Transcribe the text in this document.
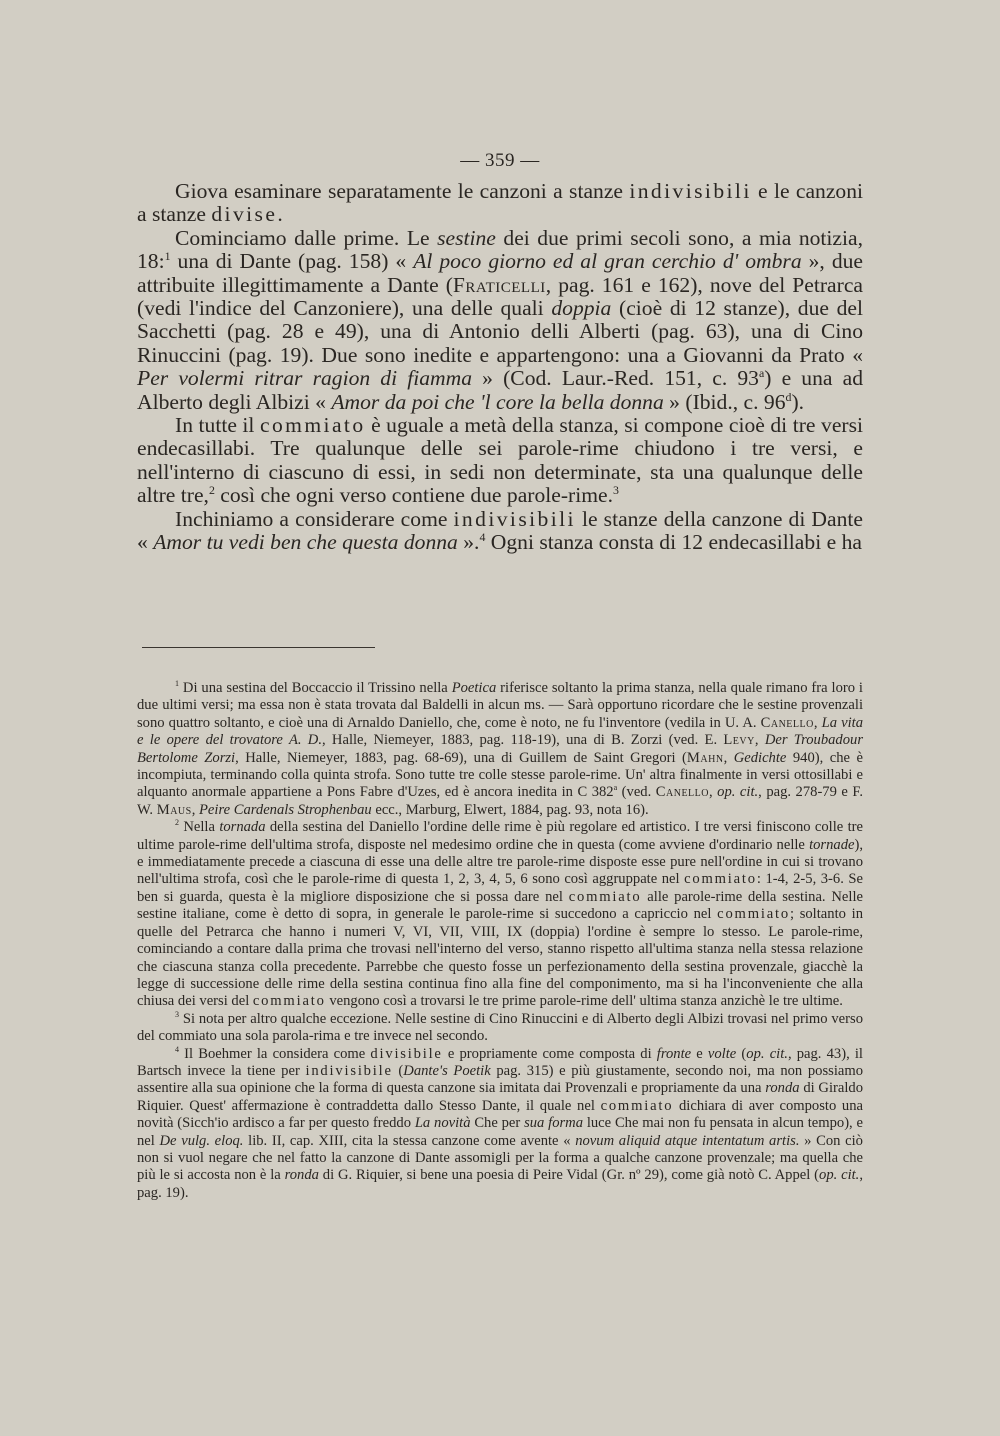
— 359 —

Giova esaminare separatamente le canzoni a stanze indivisibili e le canzoni a stanze divise.

Cominciamo dalle prime. Le sestine dei due primi secoli sono, a mia notizia, 18:$^1$ una di Dante (pag. 158) « Al poco giorno ed al gran cerchio d' ombra », due attribuite illegittimamente a Dante (Fraticelli, pag. 161 e 162), nove del Petrarca (vedi l'indice del Canzoniere), una delle quali doppia (cioè di 12 stanze), due del Sacchetti (pag. 28 e 49), una di Antonio delli Alberti (pag. 63), una di Cino Rinuccini (pag. 19). Due sono inedite e appartengono: una a Giovanni da Prato « Per volermi ritrar ragion di fiamma » (Cod. Laur.-Red. 151, c. 93$^a$) e una ad Alberto degli Albizi « Amor da poi che 'l core la bella donna » (Ibid., c. 96$^d$).

In tutte il commiato è uguale a metà della stanza, si compone cioè di tre versi endecasillabi. Tre qualunque delle sei parole-rime chiudono i tre versi, e nell'interno di ciascuno di essi, in sedi non determinate, sta una qualunque delle altre tre,$^2$ così che ogni verso contiene due parole-rime.$^3$

Inchiniamo a considerare come indivisibili le stanze della canzone di Dante « Amor tu vedi ben che questa donna ».$^4$ Ogni stanza consta di 12 endecasillabi e ha

$^1$ Di una sestina del Boccaccio il Trissino nella Poetica riferisce soltanto la prima stanza, nella quale rimano fra loro i due ultimi versi; ma essa non è stata trovata dal Baldelli in alcun ms. — Sarà opportuno ricordare che le sestine provenzali sono quattro soltanto, e cioè una di Arnaldo Daniello, che, come è noto, ne fu l'inventore (vedila in U. A. Canello, La vita e le opere del trovatore A. D., Halle, Niemeyer, 1883, pag. 118-19), una di B. Zorzi (ved. E. Levy, Der Troubadour Bertolome Zorzi, Halle, Niemeyer, 1883, pag. 68-69), una di Guillem de Saint Gregori (Mahn, Gedichte 940), che è incompiuta, terminando colla quinta strofa. Sono tutte tre colle stesse parole-rime. Un' altra finalmente in versi ottosillabi e alquanto anormale appartiene a Pons Fabre d'Uzes, ed è ancora inedita in C 382$^a$ (ved. Canello, op. cit., pag. 278-79 e F. W. Maus, Peire Cardenals Strophenbau ecc., Marburg, Elwert, 1884, pag. 93, nota 16).

$^2$ Nella tornada della sestina del Daniello l'ordine delle rime è più regolare ed artistico. I tre versi finiscono colle tre ultime parole-rime dell'ultima strofa, disposte nel medesimo ordine che in questa (come avviene d'ordinario nelle tornade), e immediatamente precede a ciascuna di esse una delle altre tre parole-rime disposte esse pure nell'ordine in cui si trovano nell'ultima strofa, così che le parole-rime di questa 1, 2, 3, 4, 5, 6 sono così aggruppate nel commiato: 1-4, 2-5, 3-6. Se ben si guarda, questa è la migliore disposizione che si possa dare nel commiato alle parole-rime della sestina. Nelle sestine italiane, come è detto di sopra, in generale le parole-rime si succedono a capriccio nel commiato; soltanto in quelle del Petrarca che hanno i numeri V, VI, VII, VIII, IX (doppia) l'ordine è sempre lo stesso. Le parole-rime, cominciando a contare dalla prima che trovasi nell'interno del verso, stanno rispetto all'ultima stanza nella stessa relazione che ciascuna stanza colla precedente. Parrebbe che questo fosse un perfezionamento della sestina provenzale, giacchè la legge di successione delle rime della sestina continua fino alla fine del componimento, ma si ha l'inconveniente che alla chiusa dei versi del commiato vengono così a trovarsi le tre prime parole-rime dell' ultima stanza anzichè le tre ultime.

$^3$ Si nota per altro qualche eccezione. Nelle sestine di Cino Rinuccini e di Alberto degli Albizi trovasi nel primo verso del commiato una sola parola-rima e tre invece nel secondo.

$^4$ Il Boehmer la considera come divisibile e propriamente come composta di fronte e volte (op. cit., pag. 43), il Bartsch invece la tiene per indivisibile (Dante's Poetik pag. 315) e più giustamente, secondo noi, ma non possiamo assentire alla sua opinione che la forma di questa canzone sia imitata dai Provenzali e propriamente da una ronda di Giraldo Riquier. Quest' affermazione è contraddetta dallo Stesso Dante, il quale nel commiato dichiara di aver composto una novità (Sicch'io ardisco a far per questo freddo La novità Che per sua forma luce Che mai non fu pensata in alcun tempo), e nel De vulg. eloq. lib. II, cap. XIII, cita la stessa canzone come avente « novum aliquid atque intentatum artis. » Con ciò non si vuol negare che nel fatto la canzone di Dante assomigli per la forma a qualche canzone provenzale; ma quella che più le si accosta non è la ronda di G. Riquier, si bene una poesia di Peire Vidal (Gr. nº 29), come già notò C. Appel (op. cit., pag. 19).
